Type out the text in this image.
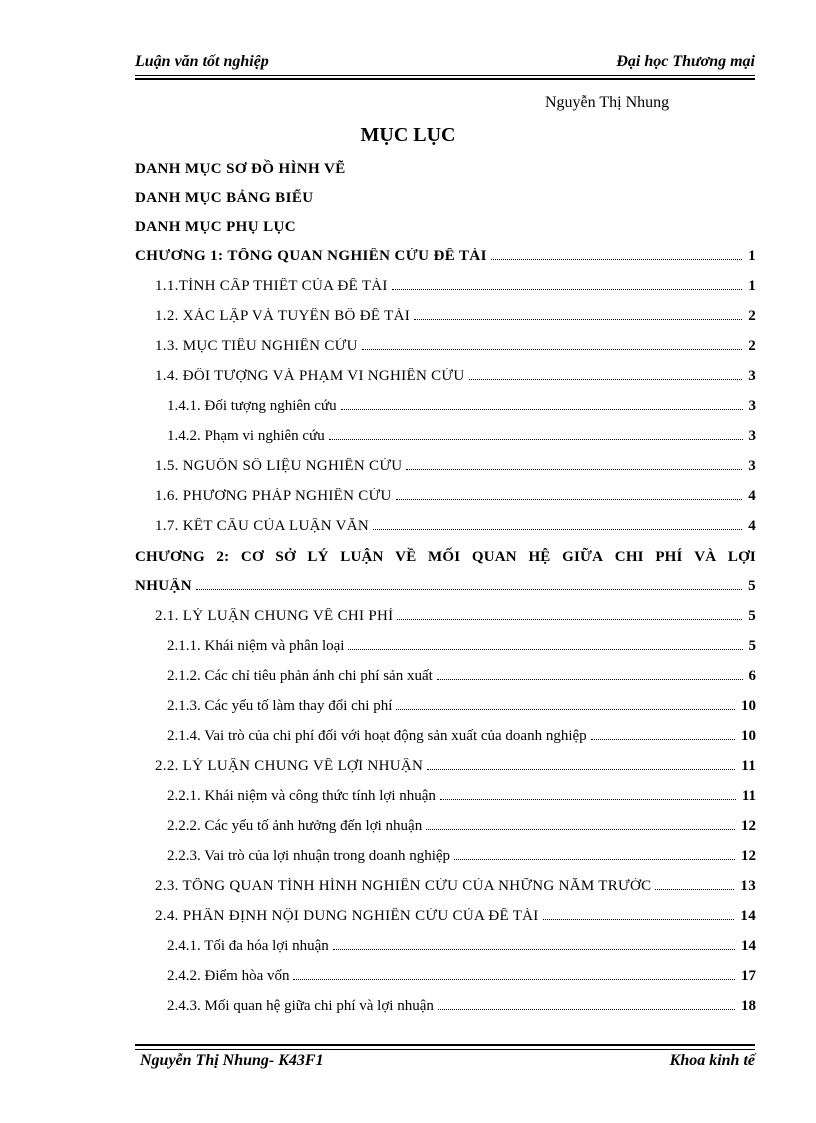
Luận văn tốt nghiệp	Đại học Thương mại
Nguyễn Thị Nhung
MỤC LỤC
DANH MỤC SƠ ĐỒ HÌNH VẼ
DANH MỤC BẢNG BIỂU
DANH MỤC PHỤ LỤC
CHƯƠNG 1: TỔNG QUAN NGHIÊN CỨU ĐỀ TÀI	1
1.1.TÍNH CẤP THIẾT CỦA ĐỀ TÀI	1
1.2. XÁC LẬP VÀ TUYÊN BỐ ĐỀ TÀI	2
1.3. MỤC TIÊU NGHIÊN CỨU	2
1.4. ĐỐI TƯỢNG VÀ PHẠM VI NGHIÊN CỨU	3
1.4.1. Đối tượng nghiên cứu	3
1.4.2. Phạm vi nghiên cứu	3
1.5. NGUỒN SỐ LIỆU NGHIÊN CỨU	3
1.6. PHƯƠNG PHÁP NGHIÊN CỨU	4
1.7. KẾT CẤU CỦA LUẬN VĂN	4
CHƯƠNG 2: CƠ SỞ LÝ LUẬN VỀ MỐI QUAN HỆ GIỮA CHI PHÍ VÀ LỢI
NHUẬN	5
2.1. LÝ LUẬN CHUNG VỀ CHI PHÍ	5
2.1.1. Khái niệm và phân loại	5
2.1.2. Các chỉ tiêu phản ánh chi phí sản xuất	6
2.1.3. Các yếu tố làm thay đổi chi phí	10
2.1.4. Vai trò của chi phí đối với hoạt động sản xuất của doanh nghiệp	10
2.2. LÝ LUẬN CHUNG VỀ LỢI NHUẬN	11
2.2.1. Khái niệm và công thức tính lợi nhuận	11
2.2.2. Các yếu tố ảnh hưởng đến lợi nhuận	12
2.2.3. Vai trò của lợi nhuận trong doanh nghiệp	12
2.3. TỔNG QUAN TÌNH HÌNH NGHIÊN CỨU CỦA NHỮNG NĂM TRƯỚC	13
2.4. PHÂN ĐỊNH NỘI DUNG NGHIÊN CỨU CỦA ĐỀ TÀI	14
2.4.1. Tối đa hóa lợi nhuận	14
2.4.2. Điểm hòa vốn	17
2.4.3. Mối quan hệ giữa chi phí và lợi nhuận	18
Nguyễn Thị Nhung- K43F1	Khoa kinh tế
